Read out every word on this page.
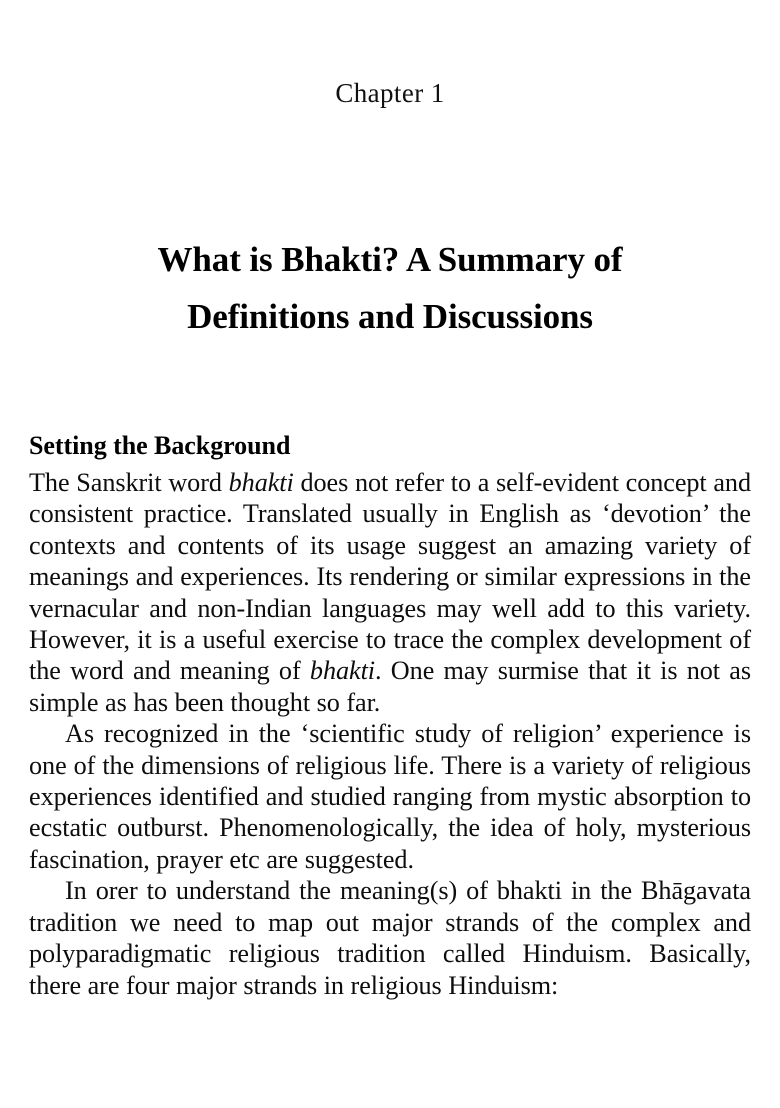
Chapter 1
What is Bhakti? A Summary of
Definitions and Discussions
Setting the Background

The Sanskrit word bhakti does not refer to a self-evident concept and consistent practice. Translated usually in English as ‘devotion’ the contexts and contents of its usage suggest an amazing variety of meanings and experiences. Its rendering or similar expressions in the vernacular and non-Indian languages may well add to this variety. However, it is a useful exercise to trace the complex development of the word and meaning of bhakti. One may surmise that it is not as simple as has been thought so far.

As recognized in the ‘scientific study of religion’ experience is one of the dimensions of religious life. There is a variety of religious experiences identified and studied ranging from mystic absorption to ecstatic outburst. Phenomenologically, the idea of holy, mysterious fascination, prayer etc are suggested.

In orer to understand the meaning(s) of bhakti in the Bhāgavata tradition we need to map out major strands of the complex and polyparadigmatic religious tradition called Hinduism. Basically, there are four major strands in religious Hinduism:
